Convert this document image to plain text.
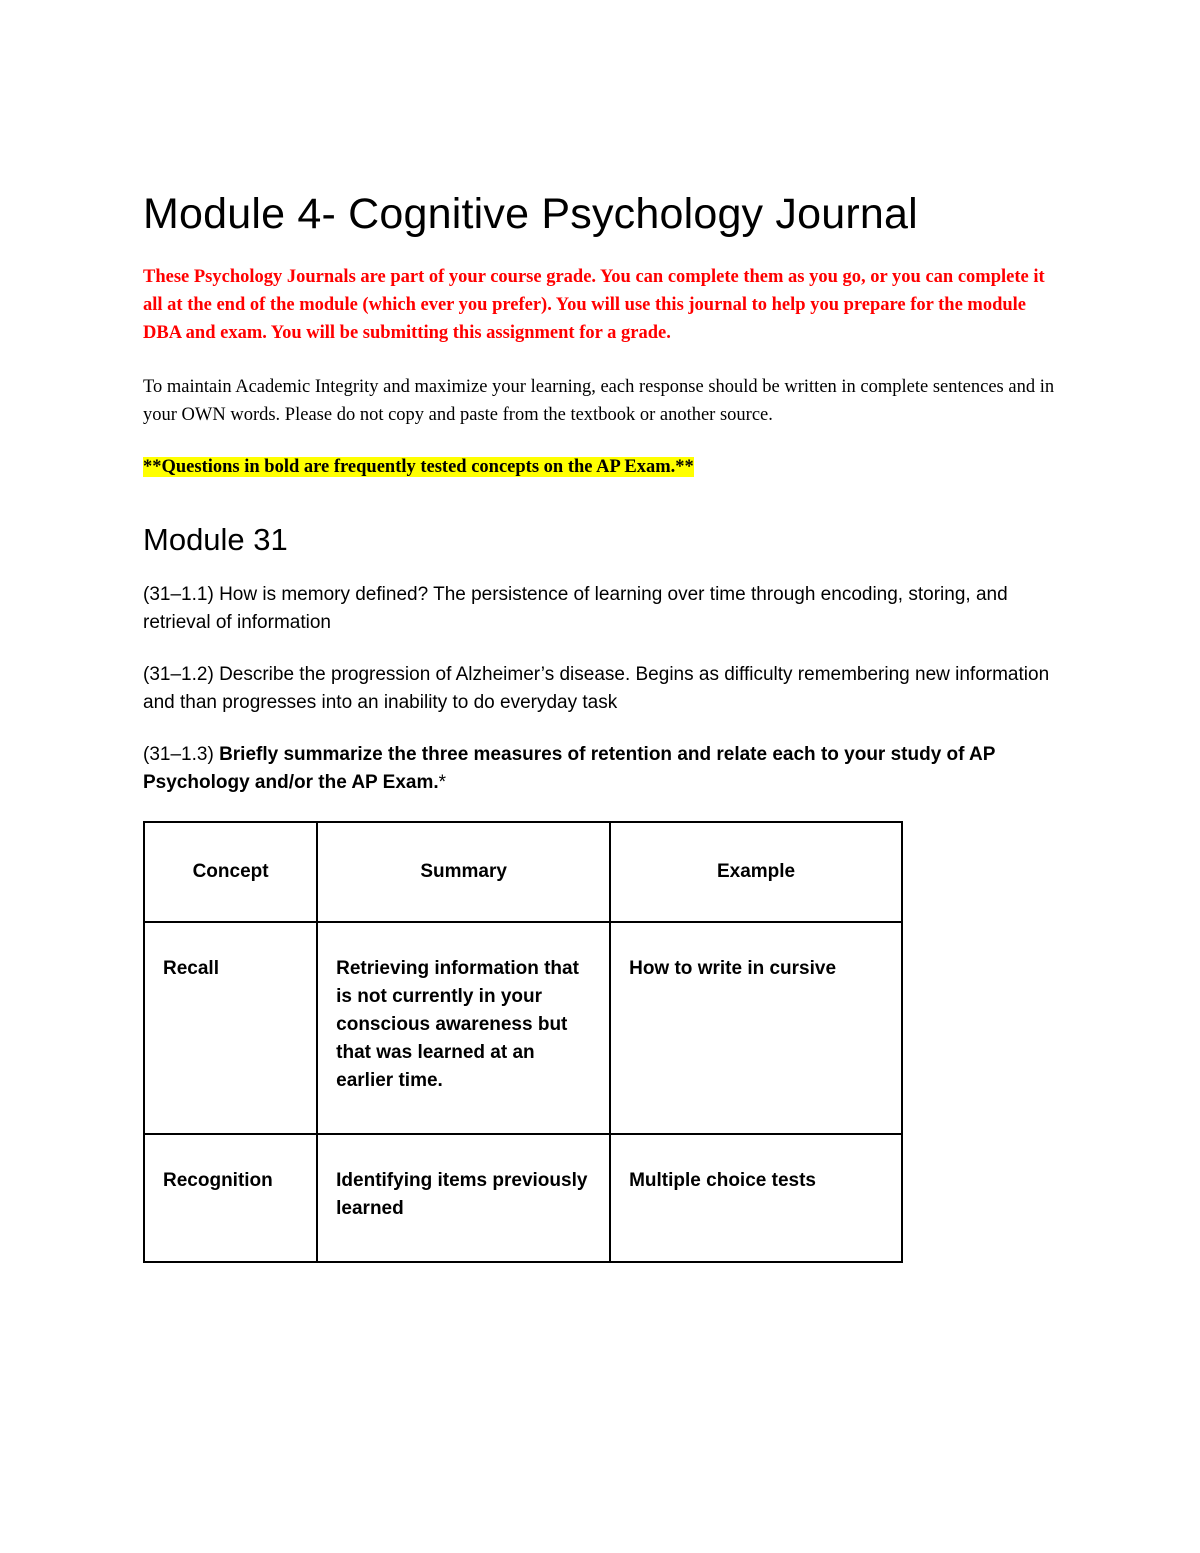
Module 4- Cognitive Psychology Journal

These Psychology Journals are part of your course grade. You can complete them as you go, or you can complete it all at the end of the module (which ever you prefer). You will use this journal to help you prepare for the module DBA and exam. You will be submitting this assignment for a grade.

To maintain Academic Integrity and maximize your learning, each response should be written in complete sentences and in your OWN words. Please do not copy and paste from the textbook or another source.

**Questions in bold are frequently tested concepts on the AP Exam.**

Module 31

(31–1.1) How is memory defined? The persistence of learning over time through encoding, storing, and retrieval of information

(31–1.2) Describe the progression of Alzheimer’s disease. Begins as difficulty remembering new information and than progresses into an inability to do everyday task

(31–1.3) Briefly summarize the three measures of retention and relate each to your study of AP Psychology and/or the AP Exam.*

Concept	Summary	Example
Recall	Retrieving information that is not currently in your conscious awareness but that was learned at an earlier time.	How to write in cursive
Recognition	Identifying items previously learned	Multiple choice tests
